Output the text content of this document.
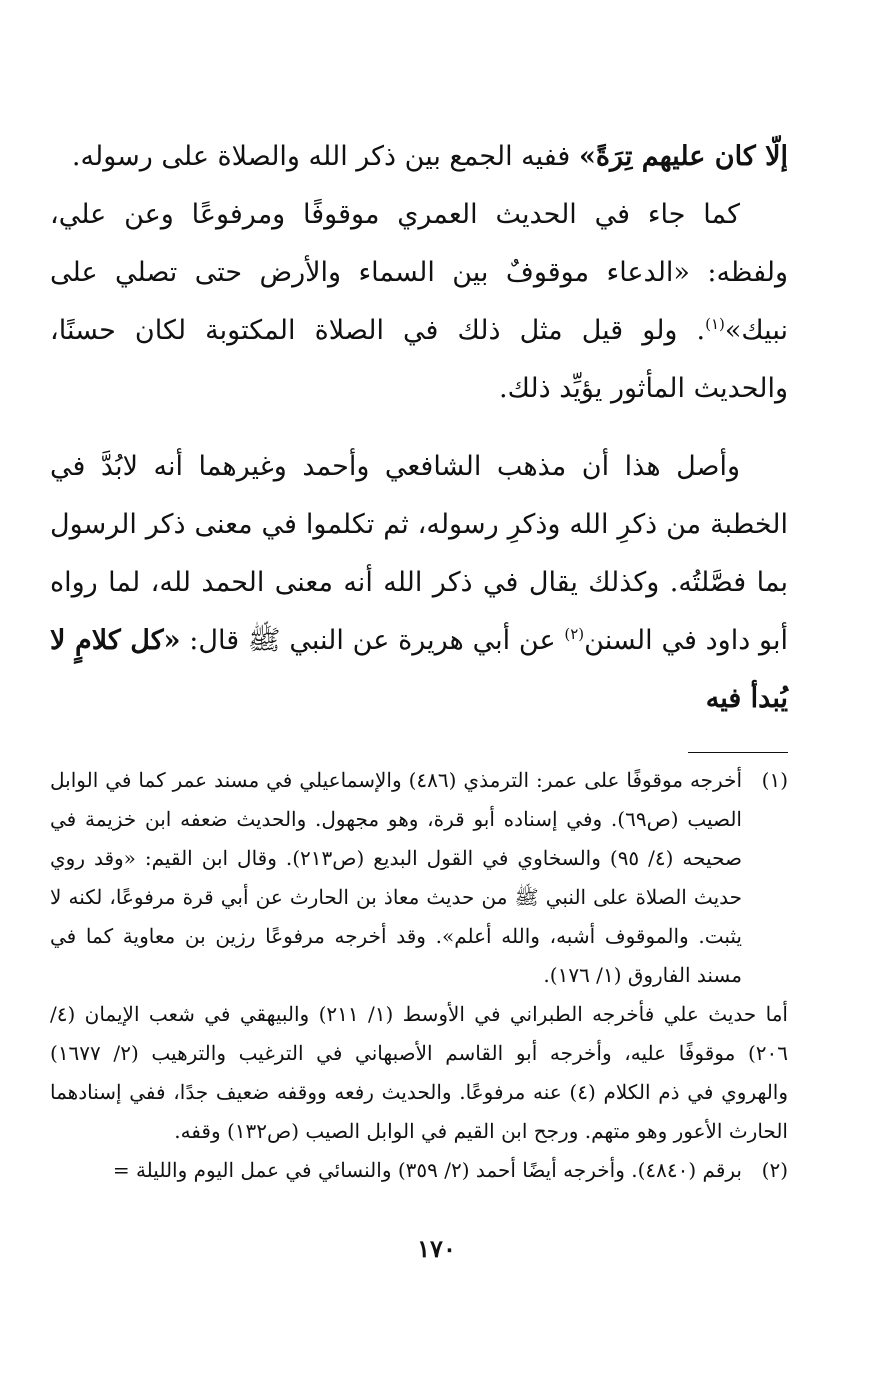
إلّا كان عليهم تِرَةً» ففيه الجمع بين ذكر الله والصلاة على رسوله.

كما جاء في الحديث العمري موقوفًا ومرفوعًا وعن علي، ولفظه: «الدعاء موقوفٌ بين السماء والأرض حتى تصلي على نبيك»$^{(١)}$. ولو قيل مثل ذلك في الصلاة المكتوبة لكان حسنًا، والحديث المأثور يؤيِّد ذلك.

وأصل هذا أن مذهب الشافعي وأحمد وغيرهما أنه لابُدَّ في الخطبة من ذكرِ الله وذكرِ رسوله، ثم تكلموا في معنى ذكر الرسول بما فصَّلتُه. وكذلك يقال في ذكر الله أنه معنى الحمد لله، لما رواه أبو داود في السنن$^{(٢)}$ عن أبي هريرة عن النبي ﷺ قال: «كل كلامٍ لا يُبدأ فيه

(١)
أخرجه موقوفًا على عمر: الترمذي (٤٨٦) والإسماعيلي في مسند عمر كما في الوابل الصيب (ص٦٩). وفي إسناده أبو قرة، وهو مجهول. والحديث ضعفه ابن خزيمة في صحيحه (٤/ ٩٥) والسخاوي في القول البديع (ص٢١٣). وقال ابن القيم: «وقد روي حديث الصلاة على النبي ﷺ من حديث معاذ بن الحارث عن أبي قرة مرفوعًا، لكنه لا يثبت. والموقوف أشبه، والله أعلم». وقد أخرجه مرفوعًا رزين بن معاوية كما في مسند الفاروق (١/ ١٧٦).

أما حديث علي فأخرجه الطبراني في الأوسط (١/ ٢١١) والبيهقي في شعب الإيمان (٤/ ٢٠٦) موقوفًا عليه، وأخرجه أبو القاسم الأصبهاني في الترغيب والترهيب (٢/ ١٦٧٧) والهروي في ذم الكلام (٤) عنه مرفوعًا. والحديث رفعه ووقفه ضعيف جدًا، ففي إسنادهما الحارث الأعور وهو متهم. ورجح ابن القيم في الوابل الصيب (ص١٣٢) وقفه.

(٢)
برقم (٤٨٤٠). وأخرجه أيضًا أحمد (٢/ ٣٥٩) والنسائي في عمل اليوم والليلة =

١٧٠
